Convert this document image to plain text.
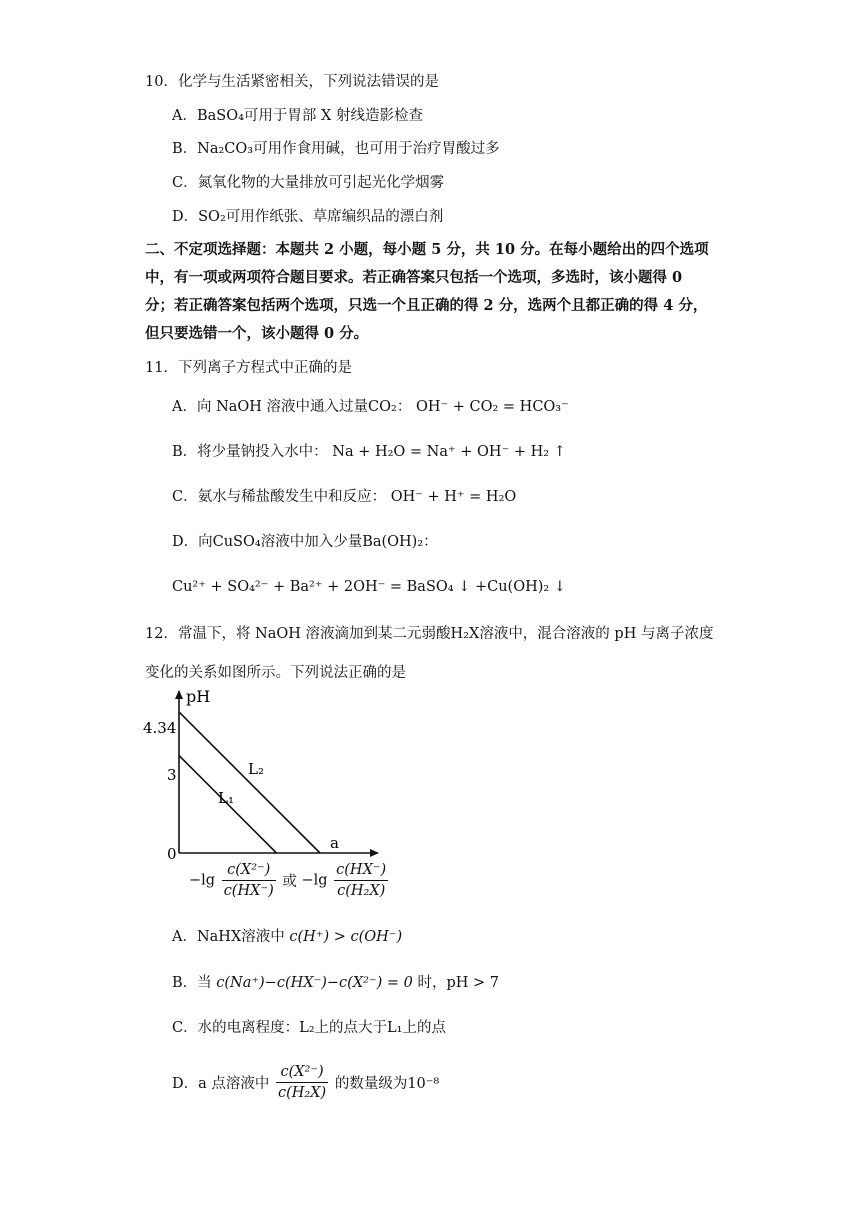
10．化学与生活紧密相关，下列说法错误的是
A．BaSO₄可用于胃部 X 射线造影检查
B．Na₂CO₃可用作食用碱，也可用于治疗胃酸过多
C．氮氧化物的大量排放可引起光化学烟雾
D．SO₂可用作纸张、草席编织品的漂白剂
二、不定项选择题：本题共 2 小题，每小题 5 分，共 10 分。在每小题给出的四个选项
中，有一项或两项符合题目要求。若正确答案只包括一个选项，多选时，该小题得 0
分；若正确答案包括两个选项，只选一个且正确的得 2 分，选两个且都正确的得 4 分，
但只要选错一个，该小题得 0 分。
11．下列离子方程式中正确的是
A．向 NaOH 溶液中通入过量CO₂： OH⁻ + CO₂ = HCO₃⁻
B．将少量钠投入水中： Na + H₂O = Na⁺ + OH⁻ + H₂ ↑
C．氨水与稀盐酸发生中和反应： OH⁻ + H⁺ = H₂O
D．向CuSO₄溶液中加入少量Ba(OH)₂：
Cu²⁺ + SO₄²⁻ + Ba²⁺ + 2OH⁻ = BaSO₄ ↓ +Cu(OH)₂ ↓
12．常温下，将 NaOH 溶液滴加到某二元弱酸H₂X溶液中，混合溶液的 pH 与离子浓度
变化的关系如图所示。下列说法正确的是
pH
0
3
4.34
L₁
L₂
a
$-\lg \frac{\text{c(X²⁻)}}{c(HX^-)}$ 或 $-\lg \frac{c(HX^-)}{\text{c(H₂X)}}$
A．NaHX溶液中 c(H⁺) > c(OH⁻)
B．当 c(Na⁺)−c(HX⁻)−c(X²⁻) = 0 时，pH > 7
C．水的电离程度：L₂上的点大于L₁上的点
D．a 点溶液中 $\frac{\text{c(X²⁻)}}{\text{c(H₂X)}}$ 的数量级为10⁻⁸
